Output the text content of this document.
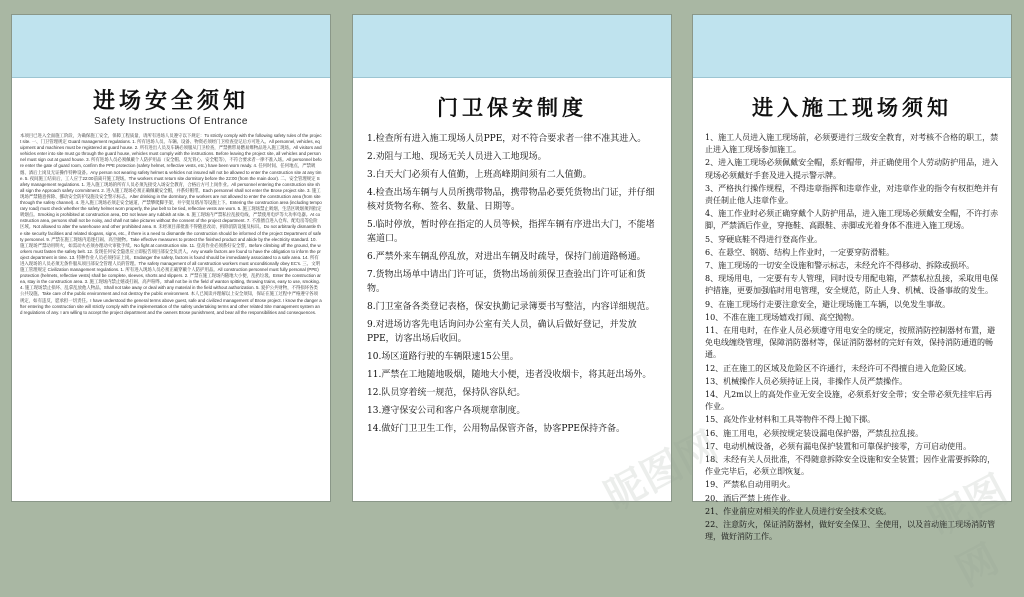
进场安全须知
Safety Instructions Of Entrance
本项目已进入全面施工阶段，为确保施工安全，保障工程质量，请所有进场人员遵守以下规定：To strictly comply with the following safety rules of the project site. 一、门卫管理规定 Guard management regulations. 1. 所有进场人员、车辆、设备、物资必须经门卫检查登记后方可进入。All personnel, vehicles, equipment and machines must be registered at guard house. 2. 所有进出人员及车辆必须服从门卫检查，严禁携带易燃易爆物品进入施工现场。All visitors and vehicles enter into site must go through the guard house, vehicles must comply with the instructions. Before leaving the project site, all vehicles and personnel must sign out at guard house. 3. 所有进场人员必须佩戴个人防护用品（安全帽、反光背心、安全鞋等），不符合要求者一律不准入场。All personnel before enter the gate of guard room, confirm the PPE protection (safety helmet, reflective vests, etc.) have been worn ready. 4. 任何时间、任何地点，严禁吸烟、酒后上岗及无证操作特种设备。Any person not wearing safety helmet & vehicles not insured will not be allowed to enter the construction site at any time. 5. 夜间施工结束后，工人应于22:00前离开施工现场。The workers must return site dormitory before the 22:00 (from the main door). 二、安全管理规定 Safety management regulations. 1. 进入施工现场的所有人员必须先接受入场安全教育，合格后方可上岗作业。All personnel entering the construction site shall sign the Approach safety commitment. 2. 进入施工现场必须正确佩戴安全帽，并系好帽带。Each personnel shall not enter the Brose project site. 3. 施工现场严禁随意拆除、挪动安全防护设施及安全警示标志。Alter drinking in the dormitory, the workers are not allowed to enter the construction area (from site through the safety channel). 4. 进入施工现场必须走安全通道，严禁攀爬脚手架、井字架及塔吊等设施上下。Entering the construction area (including temporary road) must check whether the safety helmet worn properly, the jaw belt to be tied, reflective vests are worn. 5. 施工现场禁止吸烟，生活区吸烟须到指定吸烟点。Smoking is prohibited at construction area, DO not leave any rubbish at site. 6. 施工现场内严禁私拉乱接电线，严禁使用电炉等大功率电器。At construction area, persons shall not be noisy, and shall not take pictures without the consent of the project department. 7. 不准擅自进入仓库、配电房等危险区域。Not allowed to alter the warehouse and other prohibited area. 8. 未经项目部批准不得随意改动、拆除消防设施及标识。Do not arbitrarily dismantle the site security facilities and related slogans, signs, etc., if there is a need to dismantle the construction should be informed of the project Department of safety personnel. 9. 严禁在施工现场内追逐打闹、高空抛物。Take effective measures to protect the finished product and abide by the electricity standard. 10. 施工现场严禁动用明火，如需动火必须办理动火审批手续。No fight at construction site. 11. 登高作业必须系好安全带。Before climbing off the ground, the workers must fasten the safety belt. 12. 发现任何安全隐患应立即报告项目部安全负责人。Any unsafe factors are found to have the obligation to inform the project department in time. 13. 特种作业人员必须持证上岗。Endanger the safety, factors is found should be immediately associated to a safe area. 14. 所有进入现场的人员必须无条件服从项目部安全管理人员的管理。The safety management of all construction workers must unconditionally obey EC's. 三、文明施工管理规定 Civilization management regulations. 1. 所有进入现场人员必须正确穿戴个人防护用品。All construction personnel must fully personal (PPE) protection (helmets, reflective vests) shall be complete, sleeves, shorts and slippers. 2. 严禁在施工现场内随地大小便，乱扔垃圾。Enter the construction area, stay in the construction area. 3. 施工现场内禁止嬉戏打闹、高声喧哗。Shall not be in the field of wanton spitting, throwing trains, easy to use, smoking. 4. 施工现场禁止损坏、乱拿乱放他人物品。Shall not take away or deal with any material in the field without authorization. 5. 爱护公共财物，不得损坏各类公共设施。Take care of the public environment and not destroy the public environment. 本人已阅读并理解以上安全须知，保证在施工过程中严格遵守各项规定，如有违反，愿承担一切责任。I have understood the general terms above guest, safe and civilized management of Brose project. I know the danger after entering the construction site will strictly comply with the implementation of the safety undertaking terms and other related Site management system and regulations of any. I am willing to accept the project department and the owners Brose punishment, and bear all the responsibilities and consequences.
门卫保安制度
1.检查所有进入施工现场人员PPE，对不符合要求者一律不准其进入。
2.劝阻与工地、现场无关人员进入工地现场。
3.白天大门必须有人值勤，上班高峰期间须有二人值勤。
4.检查出场车辆与人员所携带物品，携带物品必要凭货物出门证，并仔细核对货物名称、签名、数量、日期等。
5.临时停放，暂时停在指定的人员等候，指挥车辆有序进出大门，不能堵塞道口。
6.严禁外来车辆乱停乱放，对进出车辆及时疏导，保持门前道路畅通。
7.货物出场单中请出门许可证，货物出场前须保卫查验出门许可证和货物。
8.门卫室备各类登记表格，保安执勤记录簿要书写整洁，内容详细规范。
9.对进场访客先电话询问办公室有关人员，确认后做好登记，并发放PPE，访客出场后收回。
10.场区道路行驶的车辆限速15公里。
11.严禁在工地随地吸烟，随地大小便，违者没收烟卡，将其赶出场外。
12.队员穿着统一规范，保持队容队纪。
13.遵守保安公司和客户各项规章制度。
14.做好门卫卫生工作，公用物品保管齐备，协客PPE保持齐备。
进入施工现场须知
1、施工人员进入施工现场前，必须要进行三级安全教育，对考核不合格的职工，禁止进入施工现场参加施工。
2、进入施工现场必须佩戴安全帽，系好帽带，并正确使用个人劳动防护用品，进入现场必须戴好手套及进入提示警示牌。
3、严格执行操作规程，不得违章指挥和违章作业，对违章作业的指令有权拒绝并有责任制止他人违章作业。
4、施工作业时必须正确穿戴个人防护用品，进入施工现场必须戴安全帽，不许打赤脚，严禁酒后作业，穿拖鞋、高跟鞋、赤脚或光着身体不准进入施工现场。
5、穿硬底鞋不得进行登高作业。
6、在悬空、钢筋、结构上作业时，一定要穿防滑鞋。
7、施工现场的一切安全设施和警示标志，未经允许不得移动、拆除或损坏。
8、现场用电，一定要有专人管理，同时设专用配电箱，严禁私拉乱接，采取用电保护措施，更要加强临时用电管理，安全规范，防止人身、机械、设备事故的发生。
9、在施工现场行走要注意安全，避让现场施工车辆，以免发生事故。
10、不准在施工现场嬉戏打闹、高空抛物。
11、在用电时，在作业人员必须遵守用电安全的规定，按照消防控制器材布置，避免电线缠绕管理，保障消防器材等，保证消防器材的完好有效，保持消防通道的畅通。
12、正在施工的区域及危险区不许通行，未经许可不得擅自进入危险区域。
13、机械操作人员必须持证上岗，非操作人员严禁操作。
14、凡2m以上的高处作业无安全设施，必须系好安全带；安全带必须先挂牢后再作业。
15、高处作业材料和工具等物件不得上抛下掷。
16、施工用电，必须按规定装设漏电保护器，严禁乱拉乱接。
17、电动机械设备，必须有漏电保护装置和可靠保护接零，方可启动使用。
18、未经有关人员批准，不得随意拆除安全设施和安全装置；因作业需要拆除的，作业完毕后，必须立即恢复。
19、严禁私自动用明火。
20、酒后严禁上班作业。
21、作业前应对相关的作业人员进行安全技术交底。
22、注意防火，保证消防器材，做好安全保卫、全使用，以及首动施工现场消防管理，做好消防工作。	昵图网
